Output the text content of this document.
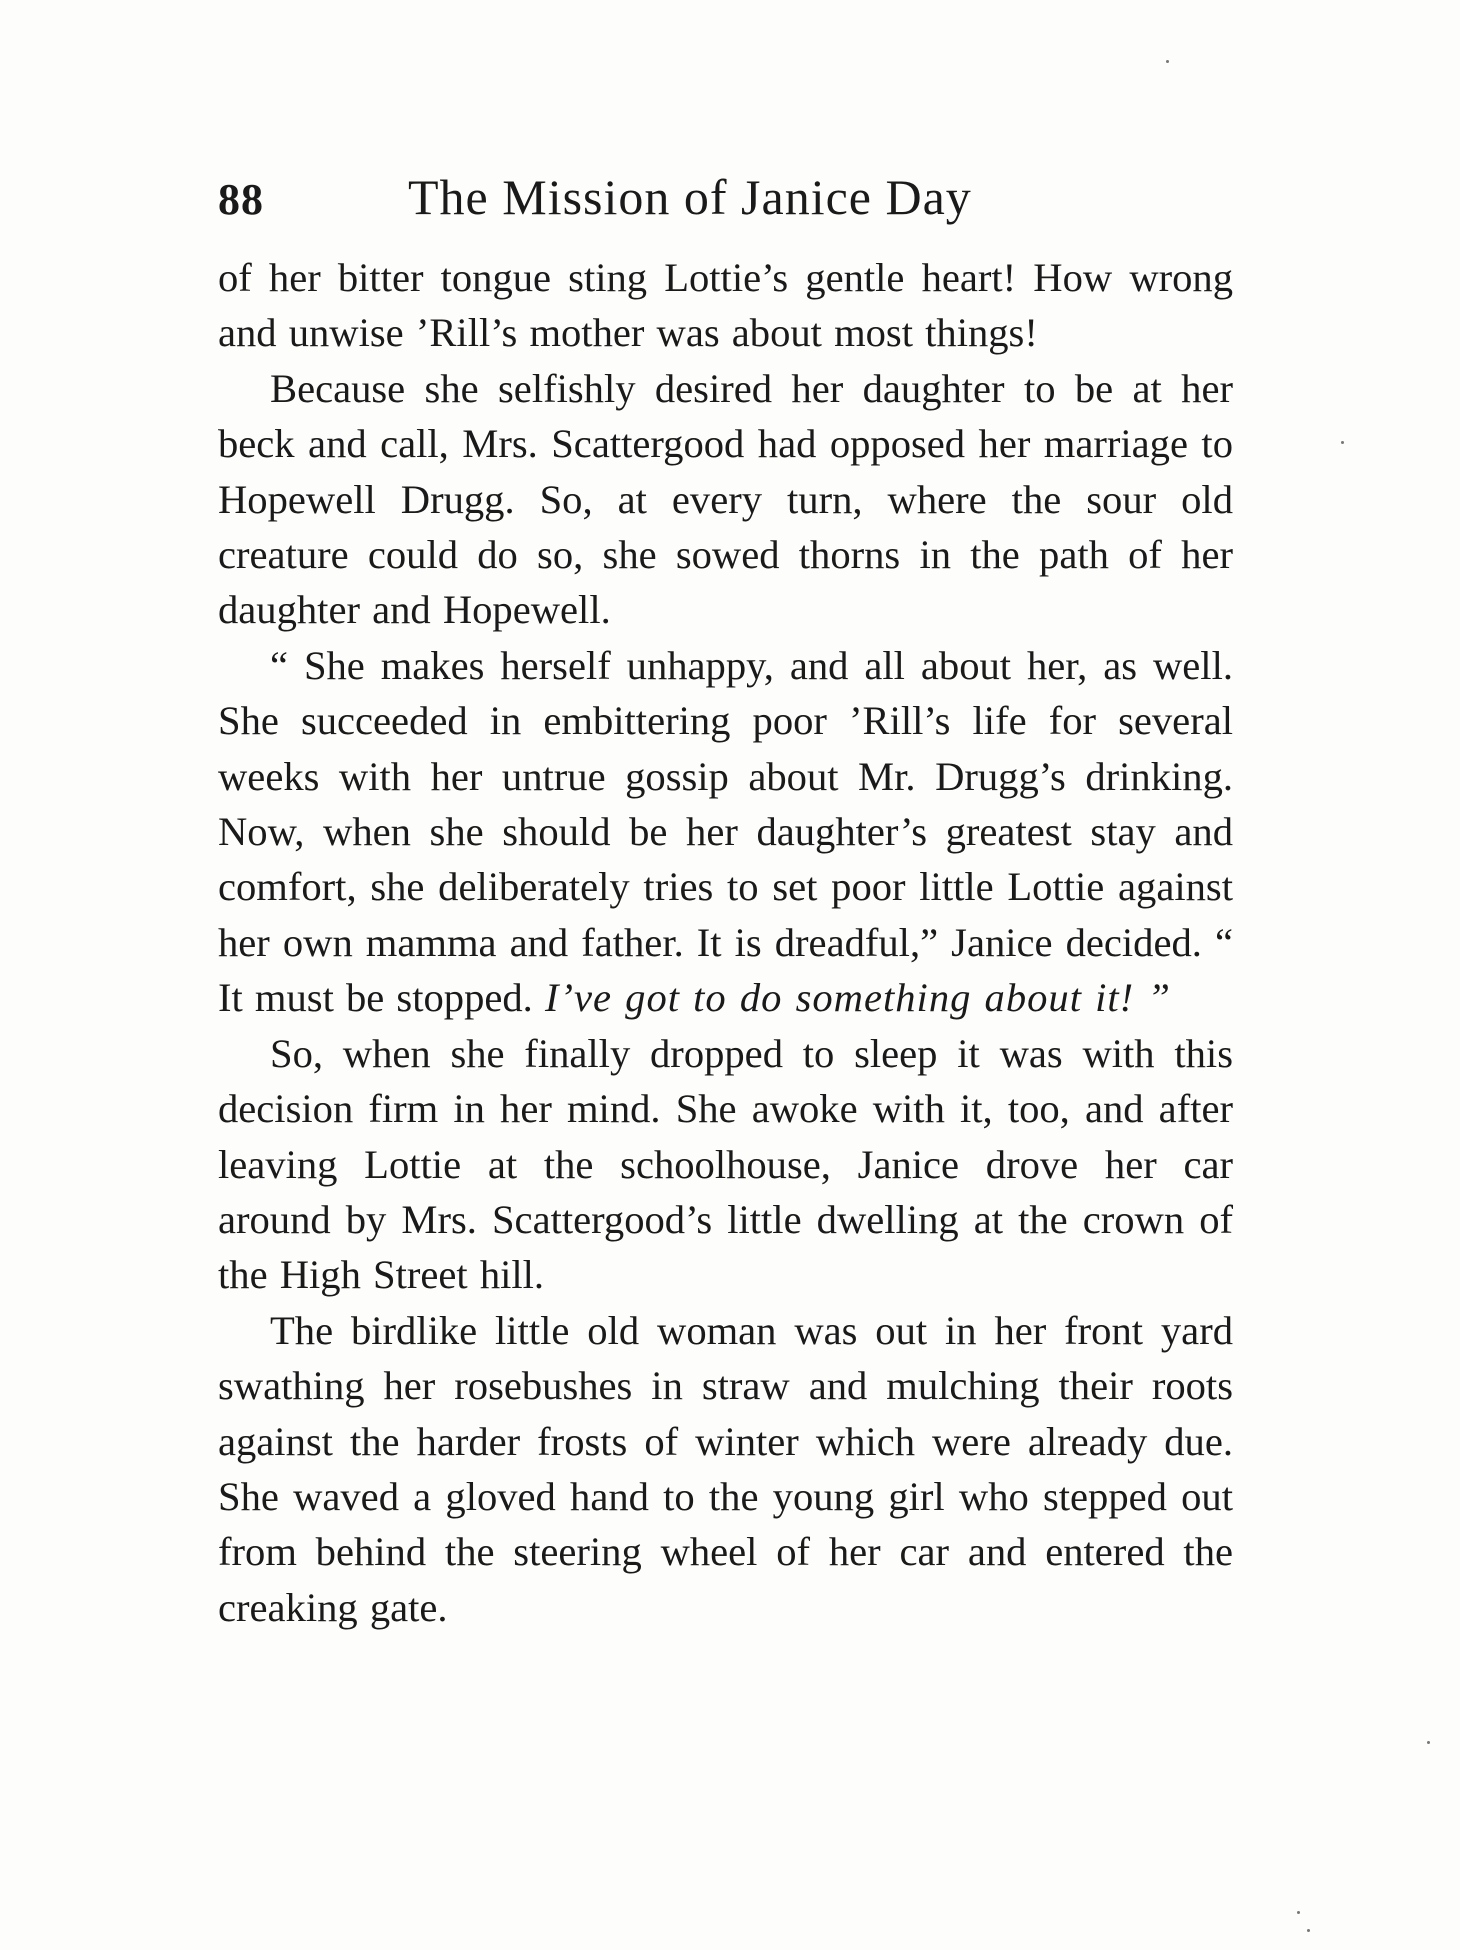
88	The Mission of Janice Day

of her bitter tongue sting Lottie’s gentle heart! How wrong and unwise ’Rill’s mother was about most things!

Because she selfishly desired her daughter to be at her beck and call, Mrs. Scattergood had opposed her marriage to Hopewell Drugg. So, at every turn, where the sour old creature could do so, she sowed thorns in the path of her daughter and Hopewell.

“ She makes herself unhappy, and all about her, as well. She succeeded in embittering poor ’Rill’s life for several weeks with her untrue gossip about Mr. Drugg’s drinking. Now, when she should be her daughter’s greatest stay and comfort, she deliberately tries to set poor little Lottie against her own mamma and father. It is dreadful,” Janice decided. “ It must be stopped. I’ve got to do something about it! ”

So, when she finally dropped to sleep it was with this decision firm in her mind. She awoke with it, too, and after leaving Lottie at the schoolhouse, Janice drove her car around by Mrs. Scattergood’s little dwelling at the crown of the High Street hill.

The birdlike little old woman was out in her front yard swathing her rosebushes in straw and mulching their roots against the harder frosts of winter which were already due. She waved a gloved hand to the young girl who stepped out from behind the steering wheel of her car and entered the creaking gate.
